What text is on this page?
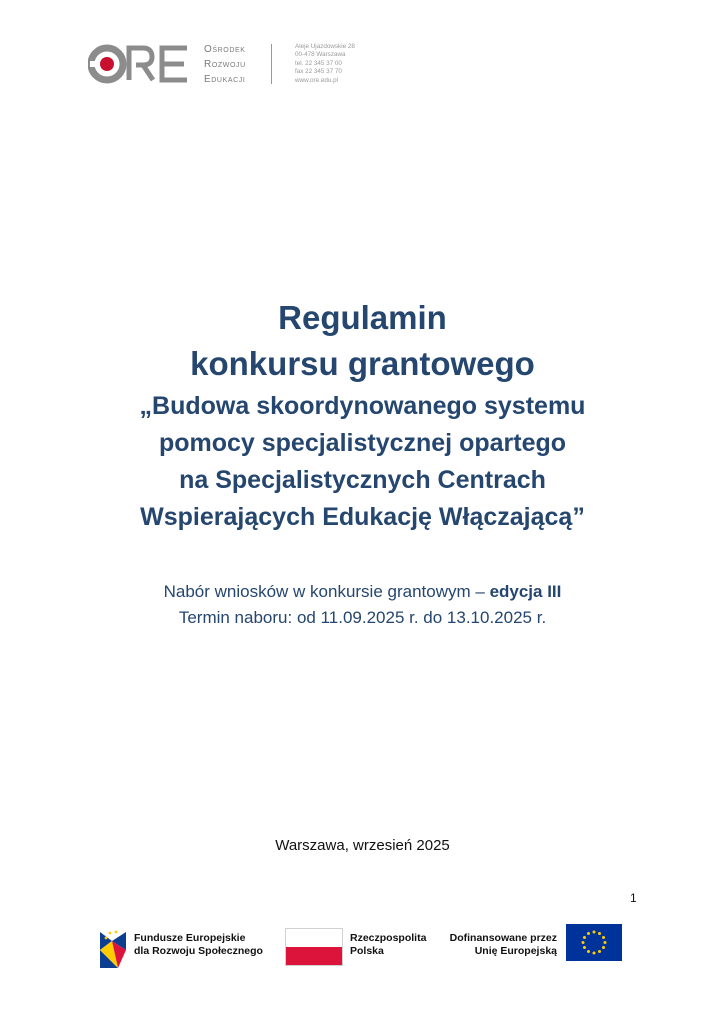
Ośrodek
Rozwoju
Edukacji
Aleje Ujazdowskie 28
00-478 Warszawa
tel. 22 345 37 00
fax 22 345 37 70
www.ore.edu.pl
Regulamin
konkursu grantowego
„Budowa skoordynowanego systemu
pomocy specjalistycznej opartego
na Specjalistycznych Centrach
Wspierających Edukację Włączającą”
Nabór wniosków w konkursie grantowym – edycja III
Termin naboru: od 11.09.2025 r. do 13.10.2025 r.
Warszawa, wrzesień 2025
1
Fundusze Europejskie
dla Rozwoju Społecznego
Rzeczpospolita
Polska
Dofinansowane przez
Unię Europejską
